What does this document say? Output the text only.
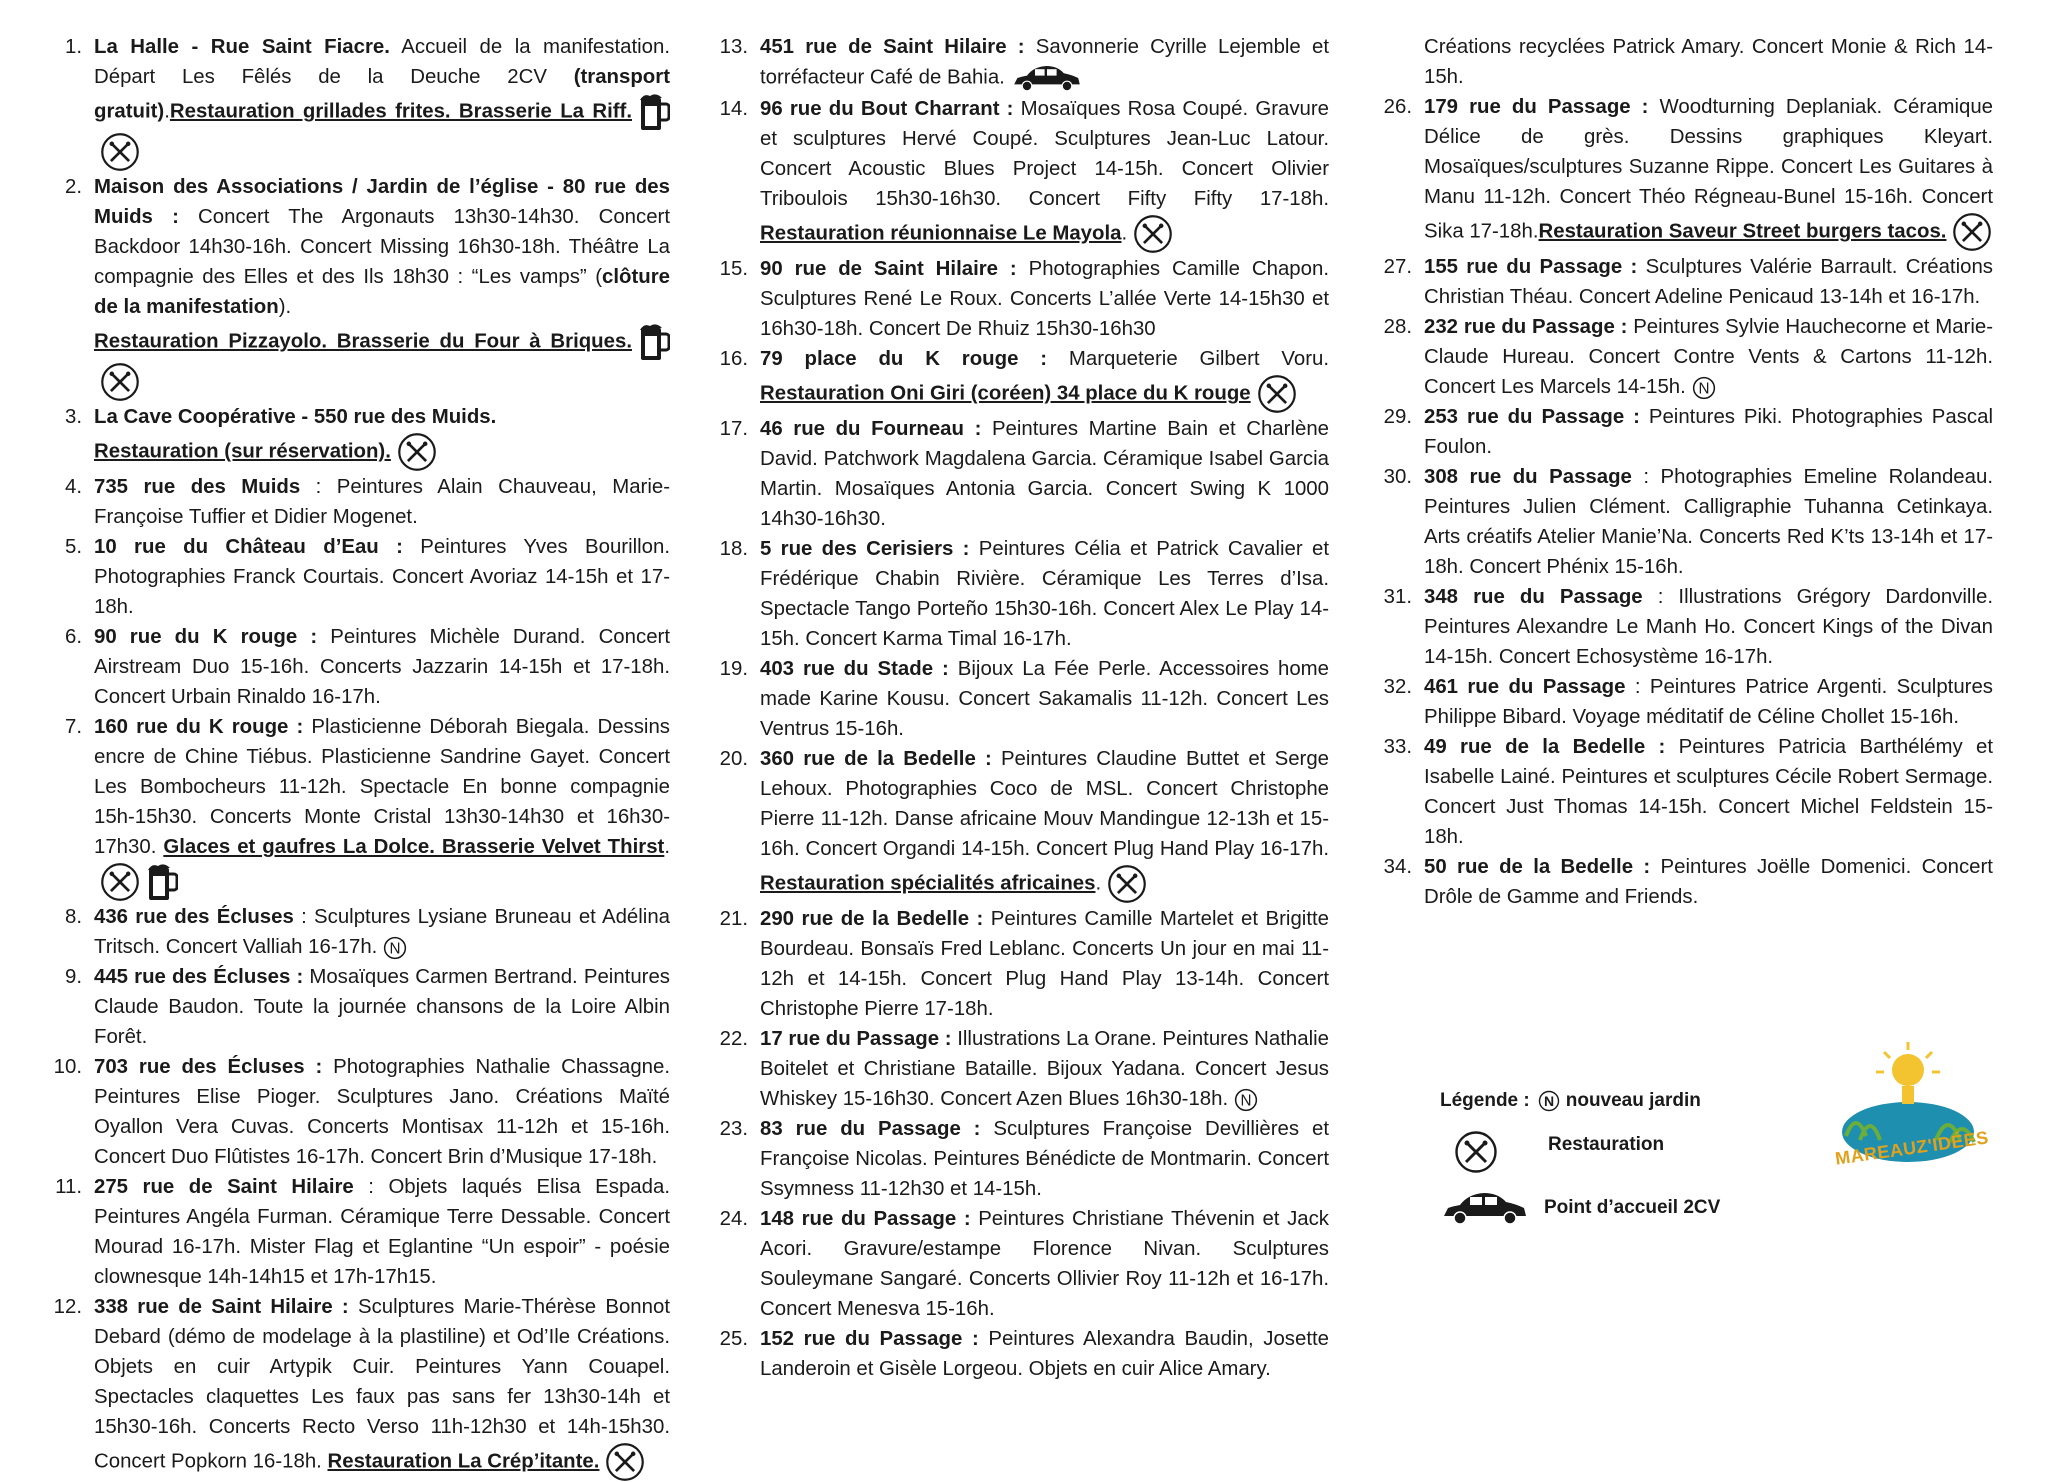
1 . La Halle - Rue Saint Fiacre. Accueil de la manifestation. Départ Les Fêlés de la Deuche 2CV (transport gratuit).Restauration grillades frites. Brasserie La Riff.
2 . Maison des Associations / Jardin de l’église - 80 rue des Muids : Concert The Argonauts 13h30-14h30. Concert Backdoor 14h30-16h. Concert Missing 16h30-18h. Théâtre La compagnie des Elles et des Ils 18h30 : “Les vamps” (clôture de la manifestation).
Restauration Pizzayolo. Brasserie du Four à Briques.
3 . La Cave Coopérative - 550 rue des Muids.
Restauration (sur réservation).
4 . 735 rue des Muids : Peintures Alain Chauveau, Marie-Françoise Tuffier et Didier Mogenet.
5 . 10 rue du Château d’Eau : Peintures Yves Bourillon. Photographies Franck Courtais. Concert Avoriaz 14-15h et 17-18h.
6 . 90 rue du K rouge : Peintures Michèle Durand. Concert Airstream Duo 15-16h. Concerts Jazzarin 14-15h et 17-18h. Concert Urbain Rinaldo 16-17h.
7 . 160 rue du K rouge : Plasticienne Déborah Biegala. Dessins encre de Chine Tiébus. Plasticienne Sandrine Gayet. Concert Les Bombocheurs 11-12h. Spectacle En bonne compagnie 15h-15h30. Concerts Monte Cristal 13h30-14h30 et 16h30-17h30. Glaces et gaufres La Dolce. Brasserie Velvet Thirst.
8 . 436 rue des Écluses : Sculptures Lysiane Bruneau et Adélina Tritsch. Concert Valliah 16-17h. N
9 . 445 rue des Écluses : Mosaïques Carmen Bertrand. Peintures Claude Baudon. Toute la journée chansons de la Loire Albin Forêt.
10 . 703 rue des Écluses : Photographies Nathalie Chassagne. Peintures Elise Pioger. Sculptures Jano. Créations Maïté Oyallon Vera Cuvas. Concerts Montisax 11-12h et 15-16h. Concert Duo Flûtistes 16-17h. Concert Brin d’Musique 17-18h.
11 . 275 rue de Saint Hilaire : Objets laqués Elisa Espada. Peintures Angéla Furman. Céramique Terre Dessable. Concert Mourad 16-17h. Mister Flag et Eglantine “Un espoir” - poésie clownesque 14h-14h15 et 17h-17h15.
12 . 338 rue de Saint Hilaire : Sculptures Marie-Thérèse Bonnot Debard (démo de modelage à la plastiline) et Od’Ile Créations. Objets en cuir Artypik Cuir. Peintures Yann Couapel. Spectacles claquettes Les faux pas sans fer 13h30-14h et 15h30-16h. Concerts Recto Verso 11h-12h30 et 14h-15h30. Concert Popkorn 16-18h. Restauration La Crép’itante.
13 . 451 rue de Saint Hilaire : Savonnerie Cyrille Lejemble et torréfacteur Café de Bahia.
14 . 96 rue du Bout Charrant : Mosaïques Rosa Coupé. Gravure et sculptures Hervé Coupé. Sculptures Jean-Luc Latour. Concert Acoustic Blues Project 14-15h. Concert Olivier Triboulois 15h30-16h30. Concert Fifty Fifty 17-18h. Restauration réunionnaise Le Mayola.
15 . 90 rue de Saint Hilaire : Photographies Camille Chapon. Sculptures René Le Roux. Concerts L’allée Verte 14-15h30 et 16h30-18h. Concert De Rhuiz 15h30-16h30
16 . 79 place du K rouge : Marqueterie Gilbert Voru. Restauration Oni Giri (coréen) 34 place du K rouge
17 . 46 rue du Fourneau : Peintures Martine Bain et Charlène David. Patchwork Magdalena Garcia. Céramique Isabel Garcia Martin. Mosaïques Antonia Garcia. Concert Swing K 1000 14h30-16h30.
18 . 5 rue des Cerisiers : Peintures Célia et Patrick Cavalier et Frédérique Chabin Rivière. Céramique Les Terres d’Isa. Spectacle Tango Porteño 15h30-16h. Concert Alex Le Play 14-15h. Concert Karma Timal 16-17h.
19 . 403 rue du Stade : Bijoux La Fée Perle. Accessoires home made Karine Kousu. Concert Sakamalis 11-12h. Concert Les Ventrus 15-16h.
20 . 360 rue de la Bedelle : Peintures Claudine Buttet et Serge Lehoux. Photographies Coco de MSL. Concert Christophe Pierre 11-12h. Danse africaine Mouv Mandingue 12-13h et 15-16h. Concert Organdi 14-15h. Concert Plug Hand Play 16-17h. Restauration spécialités africaines.
21 . 290 rue de la Bedelle : Peintures Camille Martelet et Brigitte Bourdeau. Bonsaïs Fred Leblanc. Concerts Un jour en mai 11-12h et 14-15h. Concert Plug Hand Play 13-14h. Concert Christophe Pierre 17-18h.
22 . 17 rue du Passage : Illustrations La Orane. Peintures Nathalie Boitelet et Christiane Bataille. Bijoux Yadana. Concert Jesus Whiskey 15-16h30. Concert Azen Blues 16h30-18h. N
23 . 83 rue du Passage : Sculptures Françoise Devillières et Françoise Nicolas. Peintures Bénédicte de Montmarin. Concert Ssymness 11-12h30 et 14-15h.
24 . 148 rue du Passage : Peintures Christiane Thévenin et Jack Acori. Gravure/estampe Florence Nivan. Sculptures Souleymane Sangaré. Concerts Ollivier Roy 11-12h et 16-17h. Concert Menesva 15-16h.
25 . 152 rue du Passage : Peintures Alexandra Baudin, Josette Landeroin et Gisèle Lorgeou. Objets en cuir Alice Amary.
Créations recyclées Patrick Amary. Concert Monie & Rich 14-15h.
26 . 179 rue du Passage : Woodturning Deplaniak. Céramique Délice de grès. Dessins graphiques Kleyart. Mosaïques/sculptures Suzanne Rippe. Concert Les Guitares à Manu 11-12h. Concert Théo Régneau-Bunel 15-16h. Concert Sika 17-18h.Restauration Saveur Street burgers tacos.
27 . 155 rue du Passage : Sculptures Valérie Barrault. Créations Christian Théau. Concert Adeline Penicaud 13-14h et 16-17h.
28 . 232 rue du Passage : Peintures Sylvie Hauchecorne et Marie-Claude Hureau. Concert Contre Vents & Cartons 11-12h. Concert Les Marcels 14-15h. N
29 . 253 rue du Passage : Peintures Piki. Photographies Pascal Foulon.
30 . 308 rue du Passage : Photographies Emeline Rolandeau. Peintures Julien Clément. Calligraphie Tuhanna Cetinkaya. Arts créatifs Atelier Manie’Na. Concerts Red K’ts 13-14h et 17-18h. Concert Phénix 15-16h.
31 . 348 rue du Passage : Illustrations Grégory Dardonville. Peintures Alexandre Le Manh Ho. Concert Kings of the Divan 14-15h. Concert Echosystème 16-17h.
32 . 461 rue du Passage : Peintures Patrice Argenti. Sculptures Philippe Bibard. Voyage méditatif de Céline Chollet 15-16h.
33 . 49 rue de la Bedelle : Peintures Patricia Barthélémy et Isabelle Lainé. Peintures et sculptures Cécile Robert Sermage. Concert Just Thomas 14-15h. Concert Michel Feldstein 15-18h.
34 . 50 rue de la Bedelle : Peintures Joëlle Domenici. Concert Drôle de Gamme and Friends.
Légende : N nouveau jardin
Restauration
Point d’accueil 2CV
MAREAUZ'IDÉES
